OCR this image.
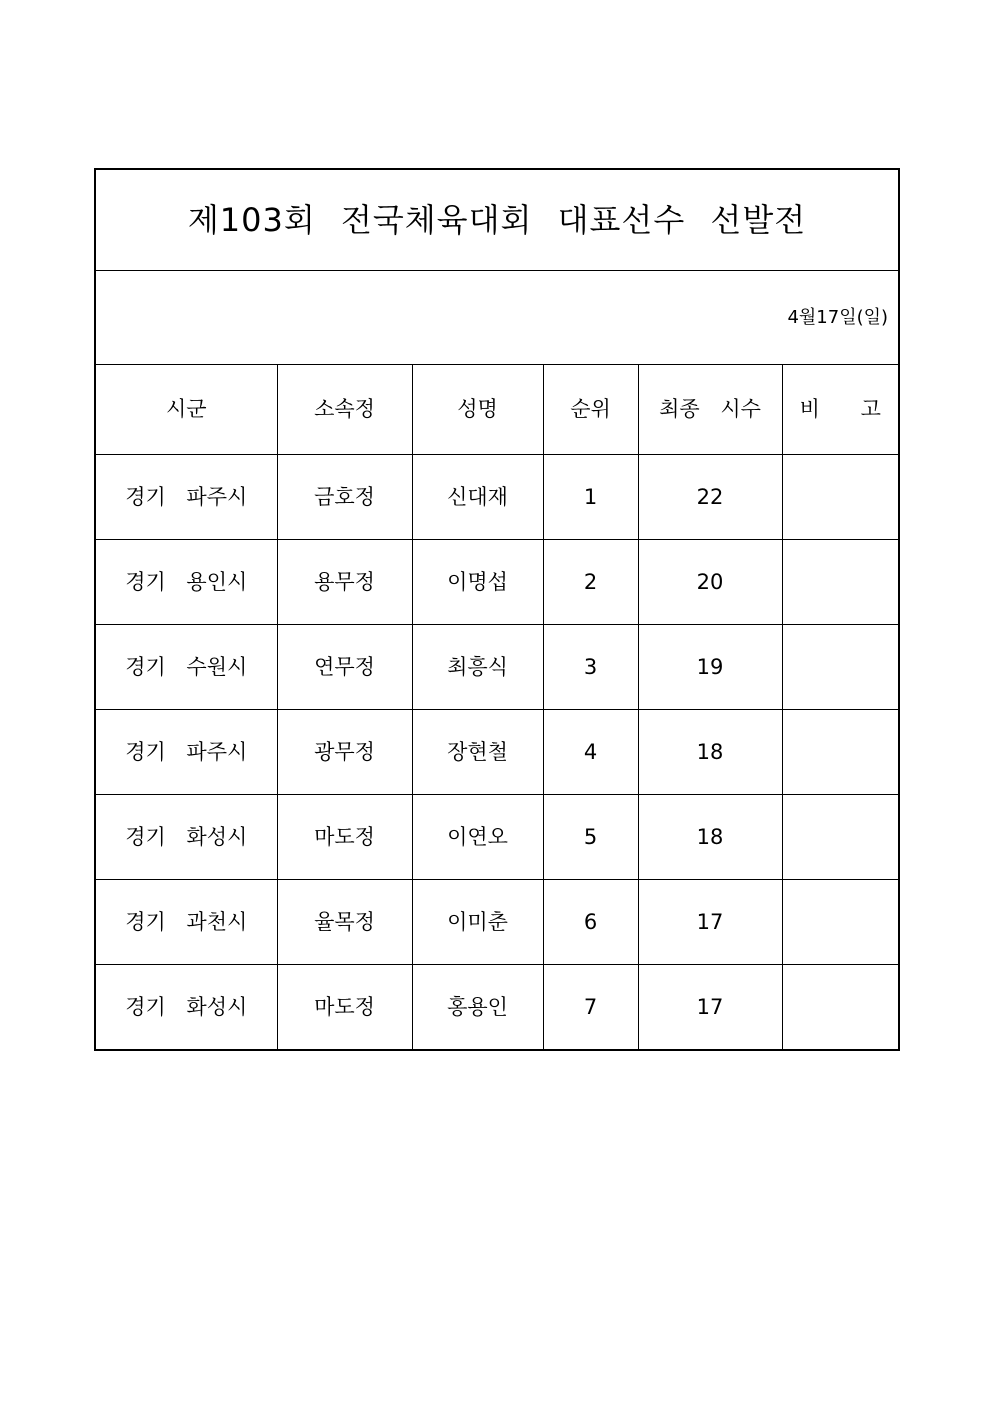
제103회 전국체육대회 대표선수 선발전					
4월17일(일)					
시군	소속정	성명	순위	최종 시수	비 고
경기 파주시	금호정	신대재	1	22	
경기 용인시	용무정	이명섭	2	20	
경기 수원시	연무정	최흥식	3	19	
경기 파주시	광무정	장현철	4	18	
경기 화성시	마도정	이연오	5	18	
경기 과천시	율목정	이미춘	6	17	
경기 화성시	마도정	홍용인	7	17	
